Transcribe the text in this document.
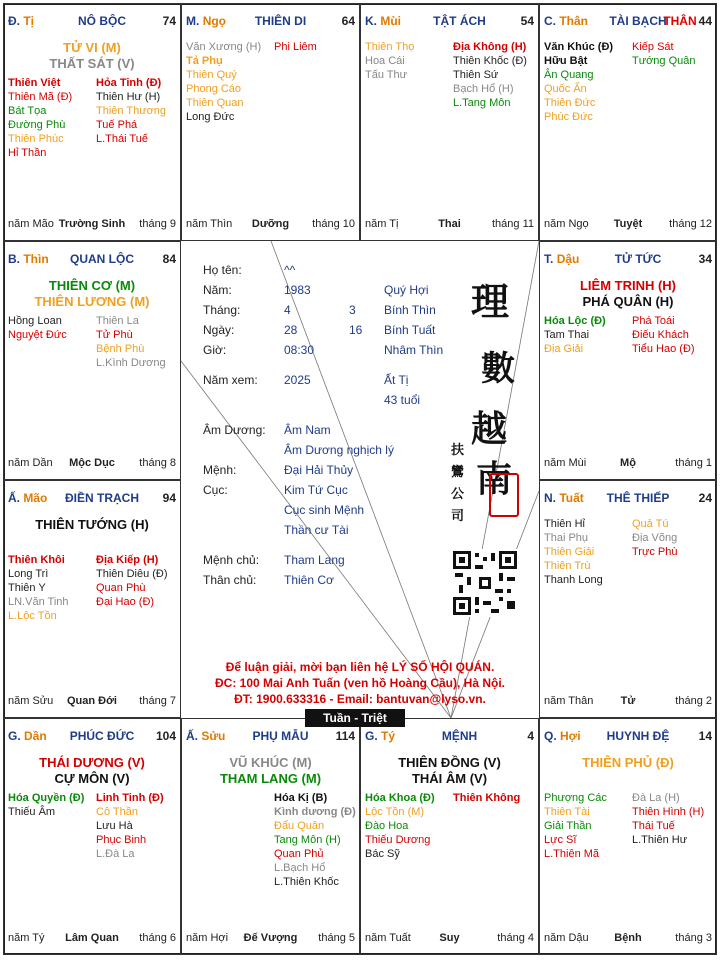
Đ. Tị	NÔ BỘC	74
TỬ VI (M)
THẤT SÁT (V)
Thiên Việt
Thiên Mã (Đ)
Bát Tọa
Đường Phù
Thiên Phúc
Hỉ Thần
Hỏa Tinh (Đ)
Thiên Hư (H)
Thiên Thương
Tuế Phá
L.Thái Tuế
năm Mão Trường Sinh	tháng 9
M. Ngọ	THIÊN DI	64
Văn Xương (H)
Tả Phụ
Thiên Quý
Phong Cáo
Thiên Quan
Long Đức
Phi Liêm
năm Thìn	Dưỡng	tháng 10
K. Mùi	TẬT ÁCH	54
Thiên Thọ
Hoa Cái
Tấu Thư
Địa Không (H)
Thiên Khốc (Đ)
Thiên Sứ
Bạch Hổ (H)
L.Tang Môn
năm Tị	Thai	tháng 11
C. Thân	TÀI BẠCH
THÂN 44
Văn Khúc (Đ)
Hữu Bật
Ân Quang
Quốc Ấn
Thiên Đức
Phúc Đức
Kiếp Sát
Tướng Quân
năm Ngọ	Tuyệt	tháng 12
B. Thìn	QUAN LỘC	84
THIÊN CƠ (M)
THIÊN LƯƠNG (M)
Hồng Loan
Nguyệt Đức
Thiên La
Tử Phù
Bệnh Phù
L.Kình Dương
năm Dần	Mộc Dục	tháng 8
T. Dậu	TỬ TỨC	34
LIÊM TRINH (H)
PHÁ QUÂN (H)
Hóa Lộc (Đ)
Tam Thai
Địa Giải
Phá Toái
Điếu Khách
Tiểu Hao (Đ)
năm Mùi	Mộ	tháng 1
Ấ. Mão	ĐIỀN TRẠCH	94
THIÊN TƯỚNG (H)
Thiên Khôi
Long Trì
Thiên Y
LN.Văn Tinh
L.Lộc Tồn
Địa Kiếp (H)
Thiên Diêu (Đ)
Quan Phù
Đại Hao (Đ)
năm Sửu	Quan Đới	tháng 7
N. Tuất	THÊ THIẾP	24
Thiên Hỉ
Thai Phụ
Thiên Giải
Thiên Trù
Thanh Long
Quả Tú
Địa Võng
Trực Phù
năm Thân	Tử	tháng 2
G. Dần	PHÚC ĐỨC	104
THÁI DƯƠNG (V)
CỰ MÔN (V)
Hóa Quyền (Đ)
Thiếu Âm
Linh Tinh (Đ)
Cô Thần
Lưu Hà
Phục Binh
L.Đà La
năm Tý	Lâm Quan	tháng 6
Ấ. Sửu	PHỤ MẪU	114
VŨ KHÚC (M)
THAM LANG (M)
Hóa Kị (B)
Kình dương (Đ)
Đẩu Quân
Tang Môn (H)
Quan Phủ
L.Bạch Hổ
L.Thiên Khốc
năm Hợi	Đế Vượng	tháng 5
G. Tý	MỆNH	4
THIÊN ĐỒNG (V)
THÁI ÂM (V)
Hóa Khoa (Đ)
Lộc Tồn (M)
Đào Hoa
Thiếu Dương
Bác Sỹ
Thiên Không
năm Tuất	Suy	tháng 4
Q. Hợi	HUYNH ĐỆ	14
THIÊN PHỦ (Đ)
Phượng Các
Thiên Tài
Giải Thần
Lực Sĩ
L.Thiên Mã
Đà La (H)
Thiên Hình (H)
Thái Tuế
L.Thiên Hư
năm Dậu	Bệnh	tháng 3
Họ tên:	^^
Năm:	1983	Quý Hợi
Tháng:	4	3 Bính Thìn
Ngày:	28	16 Bính Tuất
Giờ:	08:30	Nhâm Thìn
Năm xem: 2025	Ất Tị
43 tuổi
Âm Dương: Âm Nam
Âm Dương nghịch lý
Mệnh:	Đại Hải Thủy
Cục:	Kim Tứ Cục
Cục sinh Mệnh
Thần cư Tài
Mệnh chủ: Tham Lang
Thân chủ: Thiên Cơ
理
數
越
南
扶
鸞
公
司
Để luận giải, mời bạn liên hệ LÝ SỐ HỘI QUÁN.
ĐC: 100 Mai Anh Tuấn (ven hồ Hoàng Cầu), Hà Nội.
ĐT: 1900.633316 - Email: bantuvan@lyso.vn.
Tuần - Triệt
